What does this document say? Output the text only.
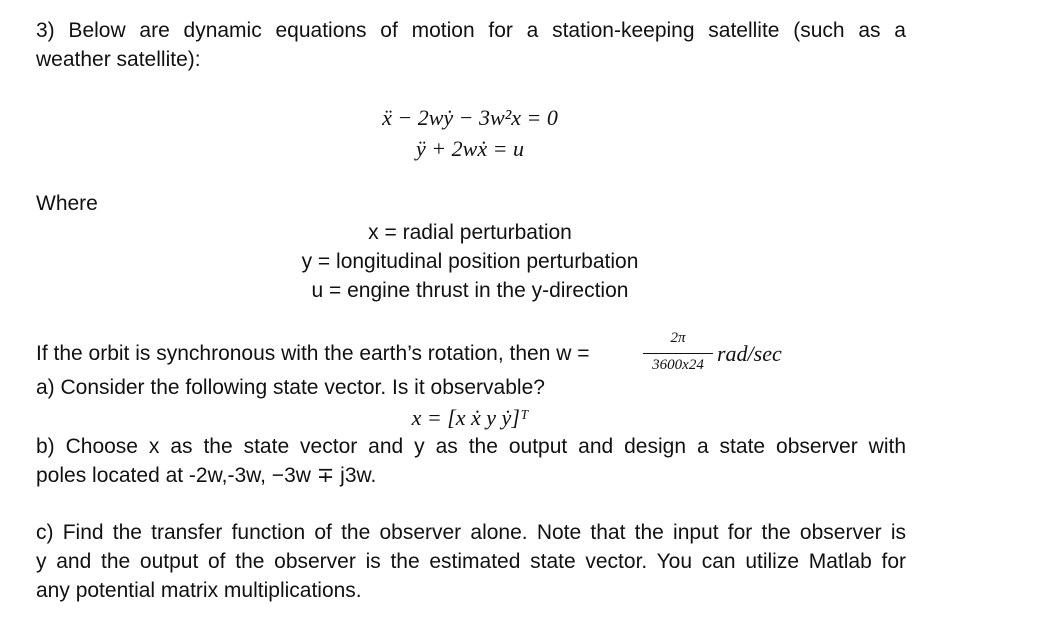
3) Below are dynamic equations of motion for a station-keeping satellite (such as a
weather satellite):
ẍ − 2wẏ − 3w²x = 0
ÿ + 2wẋ = u
Where
x = radial perturbation
y = longitudinal position perturbation
u = engine thrust in the y-direction
If the orbit is synchronous with the earth’s rotation, then w =
2π
3600x24 rad/sec
a) Consider the following state vector. Is it observable?
x = [x ẋ y ẏ]ᵀ
b) Choose x as the state vector and y as the output and design a state observer with
poles located at -2w,-3w, −3w ∓ j3w.
c) Find the transfer function of the observer alone. Note that the input for the observer is
y and the output of the observer is the estimated state vector. You can utilize Matlab for
any potential matrix multiplications.
